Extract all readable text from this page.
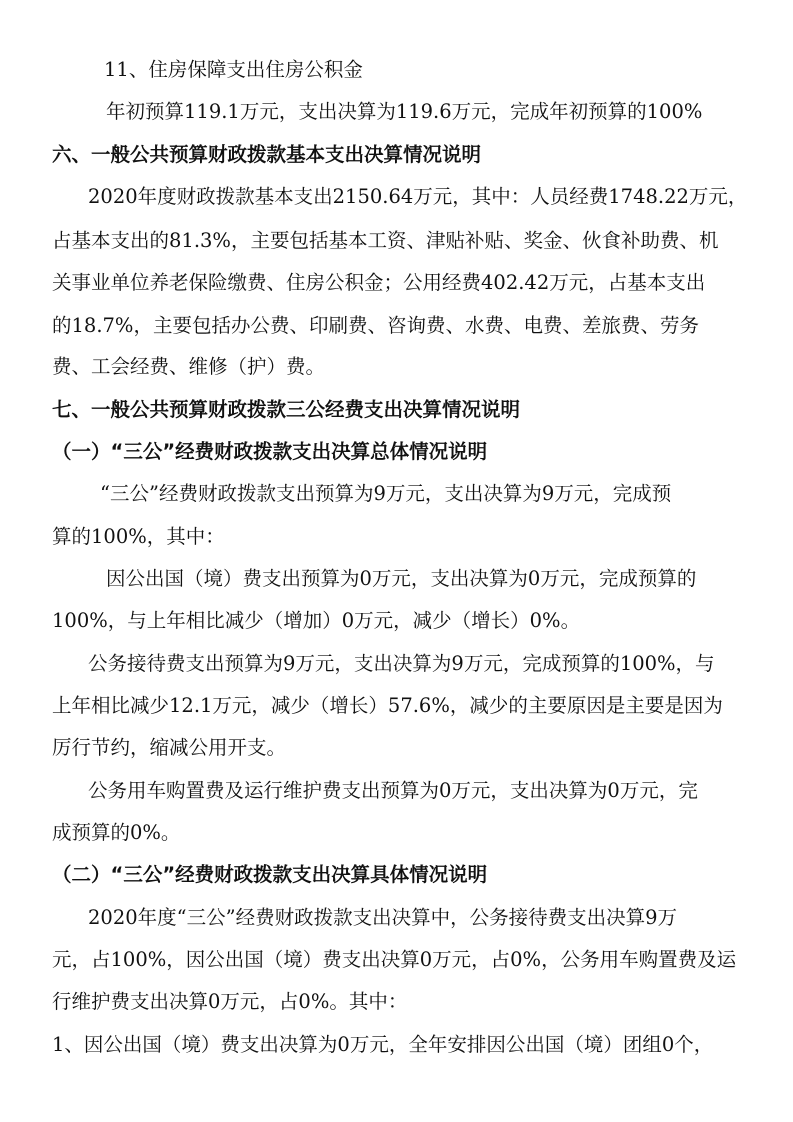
11、住房保障支出住房公积金
年初预算119.1万元，支出决算为119.6万元，完成年初预算的100%
六、一般公共预算财政拨款基本支出决算情况说明
2020年度财政拨款基本支出2150.64万元，其中：人员经费1748.22万元，
占基本支出的81.3%，主要包括基本工资、津贴补贴、奖金、伙食补助费、机
关事业单位养老保险缴费、住房公积金；公用经费402.42万元，占基本支出
的18.7%，主要包括办公费、印刷费、咨询费、水费、电费、差旅费、劳务
费、工会经费、维修（护）费。
七、一般公共预算财政拨款三公经费支出决算情况说明
（一）“三公”经费财政拨款支出决算总体情况说明
“三公”经费财政拨款支出预算为9万元，支出决算为9万元，完成预
算的100%，其中：
因公出国（境）费支出预算为0万元，支出决算为0万元，完成预算的
100%，与上年相比减少（增加）0万元，减少（增长）0%。
公务接待费支出预算为9万元，支出决算为9万元，完成预算的100%，与
上年相比减少12.1万元，减少（增长）57.6%，减少的主要原因是主要是因为
厉行节约，缩减公用开支。
公务用车购置费及运行维护费支出预算为0万元，支出决算为0万元，完
成预算的0%。
（二）“三公”经费财政拨款支出决算具体情况说明
2020年度“三公”经费财政拨款支出决算中，公务接待费支出决算9万
元，占100%，因公出国（境）费支出决算0万元，占0%，公务用车购置费及运
行维护费支出决算0万元，占0%。其中：
1、因公出国（境）费支出决算为0万元，全年安排因公出国（境）团组0个，
